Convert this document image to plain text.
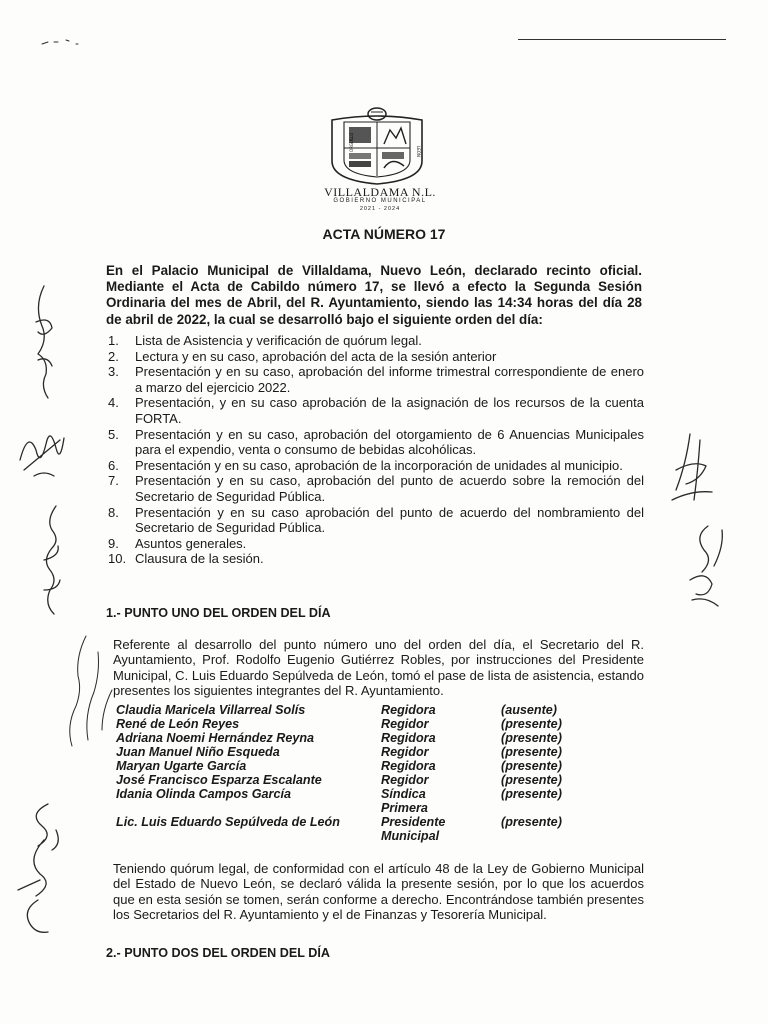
ORGULLO	LEÓN
VILLALDAMA N.L.
GOBIERNO MUNICIPAL
2021 - 2024
ACTA NÚMERO 17
En el Palacio Municipal de Villaldama, Nuevo León, declarado recinto oficial. Mediante el Acta de Cabildo número 17, se llevó a efecto la Segunda Sesión Ordinaria del mes de Abril, del R. Ayuntamiento, siendo las 14:34 horas del día 28 de abril de 2022, la cual se desarrolló bajo el siguiente orden del día:
1. Lista de Asistencia y verificación de quórum legal.
2. Lectura y en su caso, aprobación del acta de la sesión anterior
3. Presentación y en su caso, aprobación del informe trimestral correspondiente de enero a marzo del ejercicio 2022.
4. Presentación, y en su caso aprobación de la asignación de los recursos de la cuenta FORTA.
5. Presentación y en su caso, aprobación del otorgamiento de 6 Anuencias Municipales para el expendio, venta o consumo de bebidas alcohólicas.
6. Presentación y en su caso, aprobación de la incorporación de unidades al municipio.
7. Presentación y en su caso, aprobación del punto de acuerdo sobre la remoción del Secretario de Seguridad Pública.
8. Presentación y en su caso aprobación del punto de acuerdo del nombramiento del Secretario de Seguridad Pública.
9. Asuntos generales.
10. Clausura de la sesión.
1.- PUNTO UNO DEL ORDEN DEL DÍA
Referente al desarrollo del punto número uno del orden del día, el Secretario del R. Ayuntamiento, Prof. Rodolfo Eugenio Gutiérrez Robles, por instrucciones del Presidente Municipal, C. Luis Eduardo Sepúlveda de León, tomó el pase de lista de asistencia, estando presentes los siguientes integrantes del R. Ayuntamiento.
Claudia Maricela Villarreal Solís	Regidora	(ausente)
René de León Reyes	Regidor	(presente)
Adriana Noemi Hernández Reyna	Regidora	(presente)
Juan Manuel Niño Esqueda	Regidor	(presente)
Maryan Ugarte García	Regidora	(presente)
José Francisco Esparza Escalante	Regidor	(presente)
Idania Olinda Campos García	Síndica	(presente)
Primera
Lic. Luis Eduardo Sepúlveda de León	Presidente	(presente)
Municipal
Teniendo quórum legal, de conformidad con el artículo 48 de la Ley de Gobierno Municipal del Estado de Nuevo León, se declaró válida la presente sesión, por lo que los acuerdos que en esta sesión se tomen, serán conforme a derecho. Encontrándose también presentes los Secretarios del R. Ayuntamiento y el de Finanzas y Tesorería Municipal.
2.- PUNTO DOS DEL ORDEN DEL DÍA
